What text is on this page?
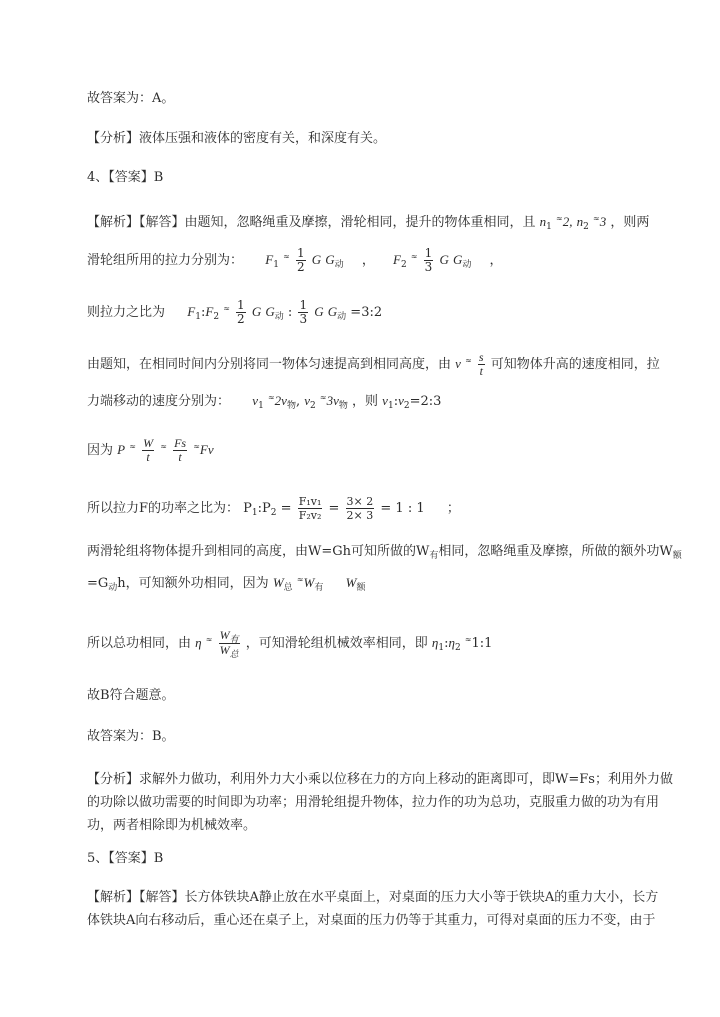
故答案为：A。
【分析】液体压强和液体的密度有关，和深度有关。
4、【答案】B
【解析】【解答】由题知，忽略绳重及摩擦，滑轮相同，提升的物体重相同，且 $n_1$ ≈2, $n_2$ ≈3 ，则两
滑轮组所用的拉力分别为： $F_1$ $^\approx \frac{1}{2}$ G $G_动$ ， $F_2$ $^\approx \frac{1}{3}$ G $G_动$ ，
则拉力之比为 $F_1:F_2$ $^\approx \frac{1}{2}$ G $G_动$ : $\frac{1}{3}$ G $G_动$ =3:2
由题知，在相同时间内分别将同一物体匀速提高到相同高度，由 v $^\approx \frac{s}{t}$ 可知物体升高的速度相同，拉
力端移动的速度分别为： $v_1$ $^\approx 2v_物$, $v_2$ $^\approx 3v_物$ ，则 $v_1:v_2=2:3$
因为 P $^\approx \frac{W}{t} ^\approx \frac{Fs}{t} ^\approx Fv$
所以拉力F的功率之比为： $P_1:P_2 = \frac{\text{F₁v₁}}{\text{F₂v₂}} = \frac{3\times 2}{2\times 3} = 1$ : 1 ；
两滑轮组将物体提升到相同的高度，由W=Gh可知所做的$W_有$相同，忽略绳重及摩擦，所做的额外功$W_额$
$=G_动h$，可知额外功相同，因为 $W_总$ $^\approx W_有$ $W_额$
所以总功相同，由 η $^\approx \frac{W_有}{W_总}$ ，可知滑轮组机械效率相同，即 $\eta_1:\eta_2$ ≈1:1
故B符合题意。
故答案为：B。
【分析】求解外力做功，利用外力大小乘以位移在力的方向上移动的距离即可，即W=Fs；利用外力做
的功除以做功需要的时间即为功率；用滑轮组提升物体，拉力作的功为总功，克服重力做的功为有用
功，两者相除即为机械效率。
5、【答案】B
【解析】【解答】长方体铁块A静止放在水平桌面上，对桌面的压力大小等于铁块A的重力大小，长方
体铁块A向右移动后，重心还在桌子上，对桌面的压力仍等于其重力，可得对桌面的压力不变，由于
